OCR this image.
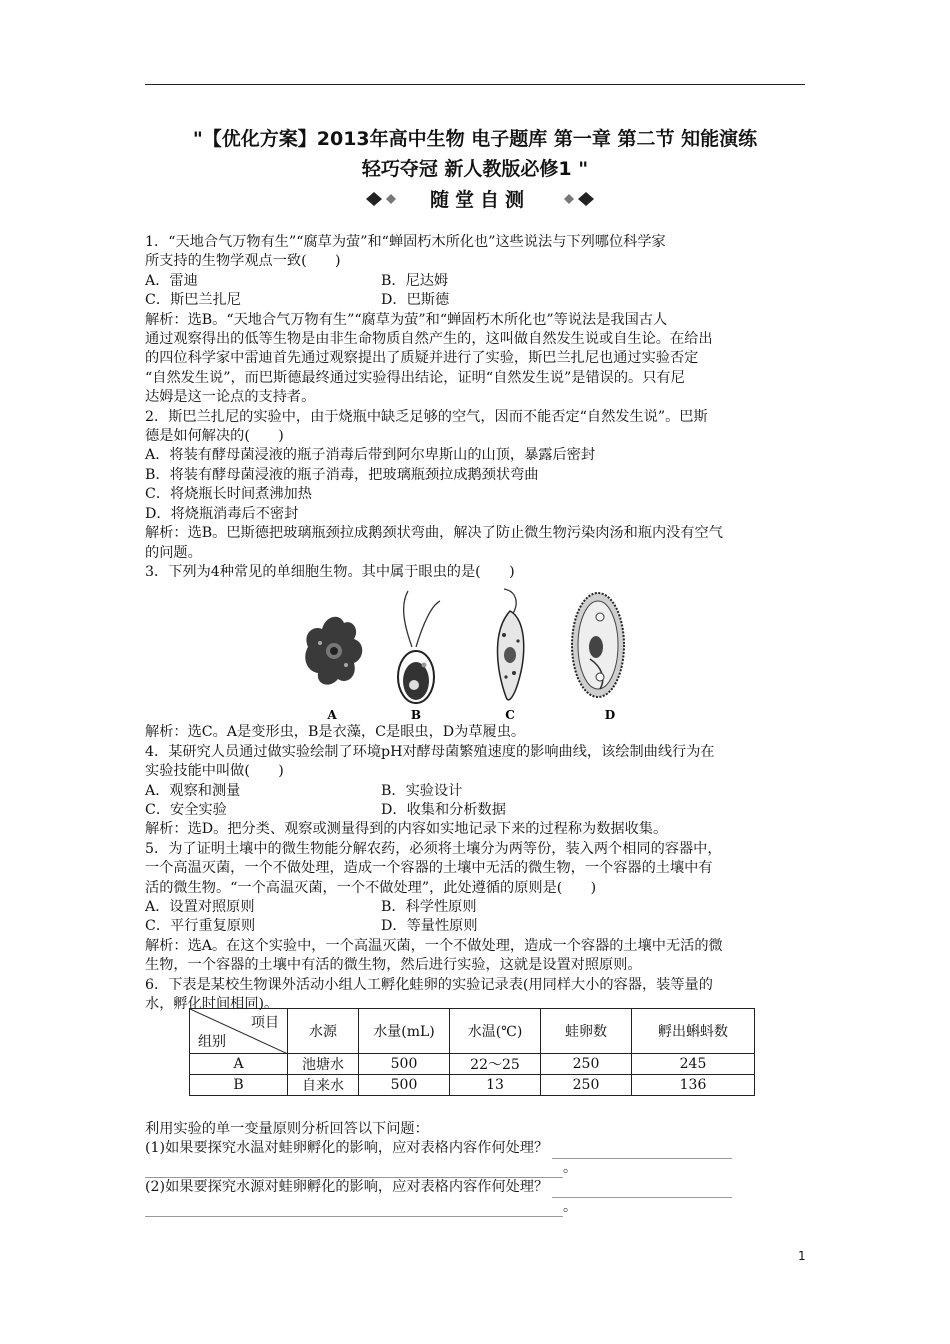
"【优化方案】2013年高中生物 电子题库 第一章 第二节 知能演练
轻巧夺冠 新人教版必修1 "
随堂自测

1．“天地合气万物有生”“腐草为萤”和“蝉固朽木所化也”这些说法与下列哪位科学家

所支持的生物学观点一致(　　)

A．雷迪	B．尼达姆
C．斯巴兰扎尼	D．巴斯德

解析：选B。“天地合气万物有生”“腐草为萤”和“蝉固朽木所化也”等说法是我国古人

通过观察得出的低等生物是由非生命物质自然产生的，这叫做自然发生说或自生论。在给出

的四位科学家中雷迪首先通过观察提出了质疑并进行了实验，斯巴兰扎尼也通过实验否定

“自然发生说”，而巴斯德最终通过实验得出结论，证明“自然发生说”是错误的。只有尼

达姆是这一论点的支持者。

2．斯巴兰扎尼的实验中，由于烧瓶中缺乏足够的空气，因而不能否定“自然发生说”。巴斯

德是如何解决的(　　)

A．将装有酵母菌浸液的瓶子消毒后带到阿尔卑斯山的山顶，暴露后密封

B．将装有酵母菌浸液的瓶子消毒，把玻璃瓶颈拉成鹅颈状弯曲

C．将烧瓶长时间煮沸加热

D．将烧瓶消毒后不密封

解析：选B。巴斯德把玻璃瓶颈拉成鹅颈状弯曲，解决了防止微生物污染肉汤和瓶内没有空气

的问题。

3．下列为4种常见的单细胞生物。其中属于眼虫的是(　　)

A	B	C	D

解析：选C。A是变形虫，B是衣藻，C是眼虫，D为草履虫。

4．某研究人员通过做实验绘制了环境pH对酵母菌繁殖速度的影响曲线，该绘制曲线行为在

实验技能中叫做(　　)

A．观察和测量	B．实验设计
C．安全实验	D．收集和分析数据

解析：选D。把分类、观察或测量得到的内容如实地记录下来的过程称为数据收集。

5．为了证明土壤中的微生物能分解农药，必须将土壤分为两等份，装入两个相同的容器中，

一个高温灭菌，一个不做处理，造成一个容器的土壤中无活的微生物，一个容器的土壤中有

活的微生物。“一个高温灭菌，一个不做处理”，此处遵循的原则是(　　)

A．设置对照原则	B．科学性原则
C．平行重复原则	D．等量性原则

解析：选A。在这个实验中，一个高温灭菌，一个不做处理，造成一个容器的土壤中无活的微

生物，一个容器的土壤中有活的微生物，然后进行实验，这就是设置对照原则。

6．下表是某校生物课外活动小组人工孵化蛙卵的实验记录表(用同样大小的容器，装等量的

水，孵化时间相同)。

项目
组别	水源	水量(mL)	水温(℃)	蛙卵数	孵出蝌蚪数
A	池塘水	500	22～25	250	245
B	自来水	500	13	250	136

利用实验的单一变量原则分析回答以下问题：

(1)如果要探究水温对蛙卵孵化的影响，应对表格内容作何处理？

。

(2)如果要探究水源对蛙卵孵化的影响，应对表格内容作何处理？

。

1
